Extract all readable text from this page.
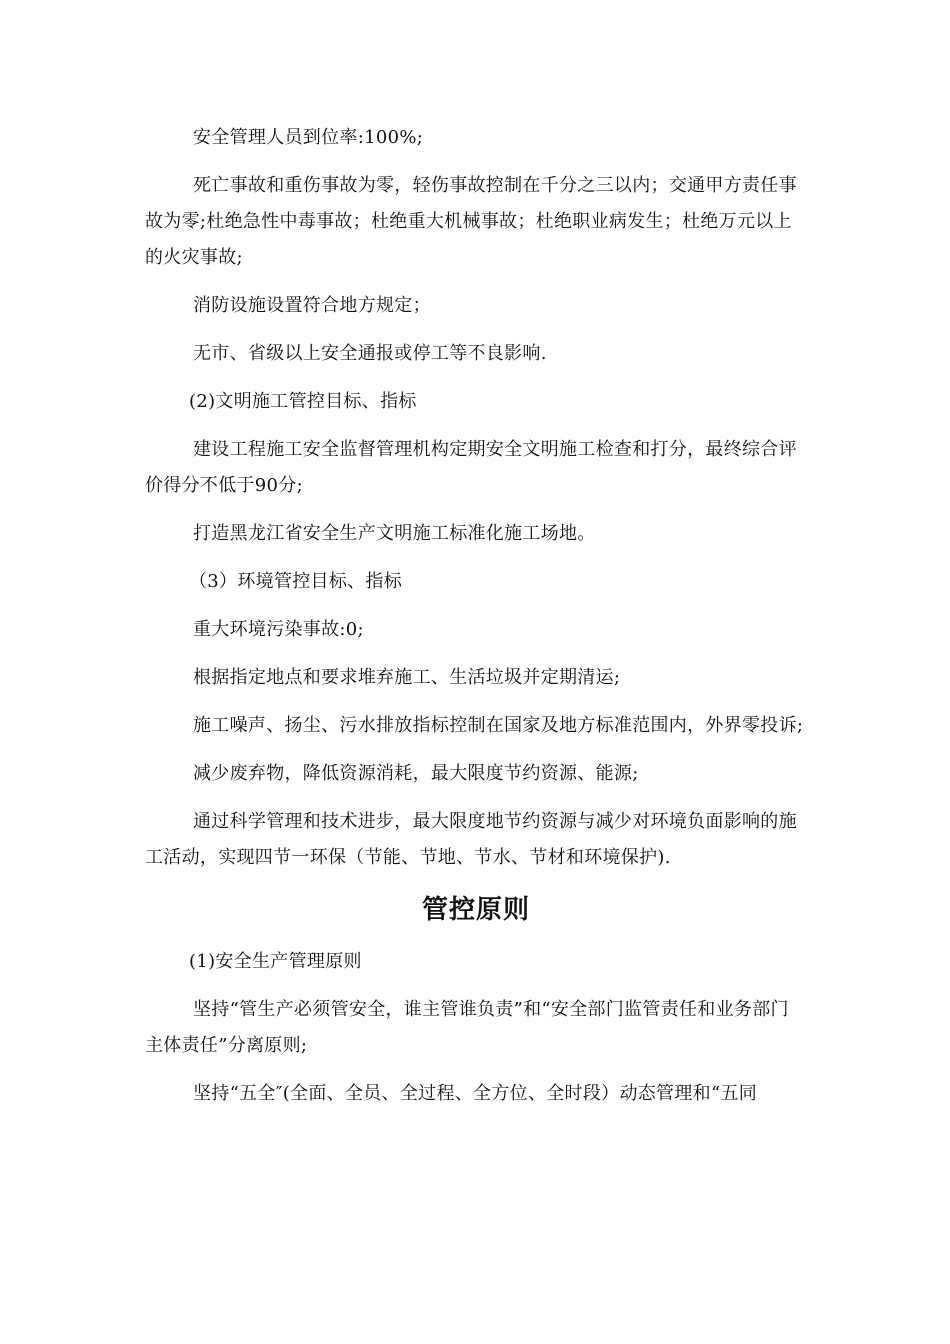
安全管理人员到位率:100%;

死亡事故和重伤事故为零，轻伤事故控制在千分之三以内；交通甲方责任事故为零;杜绝急性中毒事故；杜绝重大机械事故；杜绝职业病发生；杜绝万元以上的火灾事故;

消防设施设置符合地方规定；

无市、省级以上安全通报或停工等不良影响.

(2)文明施工管控目标、指标

建设工程施工安全监督管理机构定期安全文明施工检查和打分，最终综合评价得分不低于90分;

打造黑龙江省安全生产文明施工标准化施工场地。

（3）环境管控目标、指标

重大环境污染事故:0;

根据指定地点和要求堆弃施工、生活垃圾并定期清运;

施工噪声、扬尘、污水排放指标控制在国家及地方标准范围内，外界零投诉;

减少废弃物，降低资源消耗，最大限度节约资源、能源;

通过科学管理和技术进步，最大限度地节约资源与减少对环境负面影响的施工活动，实现四节一环保（节能、节地、节水、节材和环境保护).

管控原则

(1)安全生产管理原则

坚持“管生产必须管安全，谁主管谁负责”和“安全部门监管责任和业务部门主体责任”分离原则;

坚持“五全″(全面、全员、全过程、全方位、全时段）动态管理和“五同
